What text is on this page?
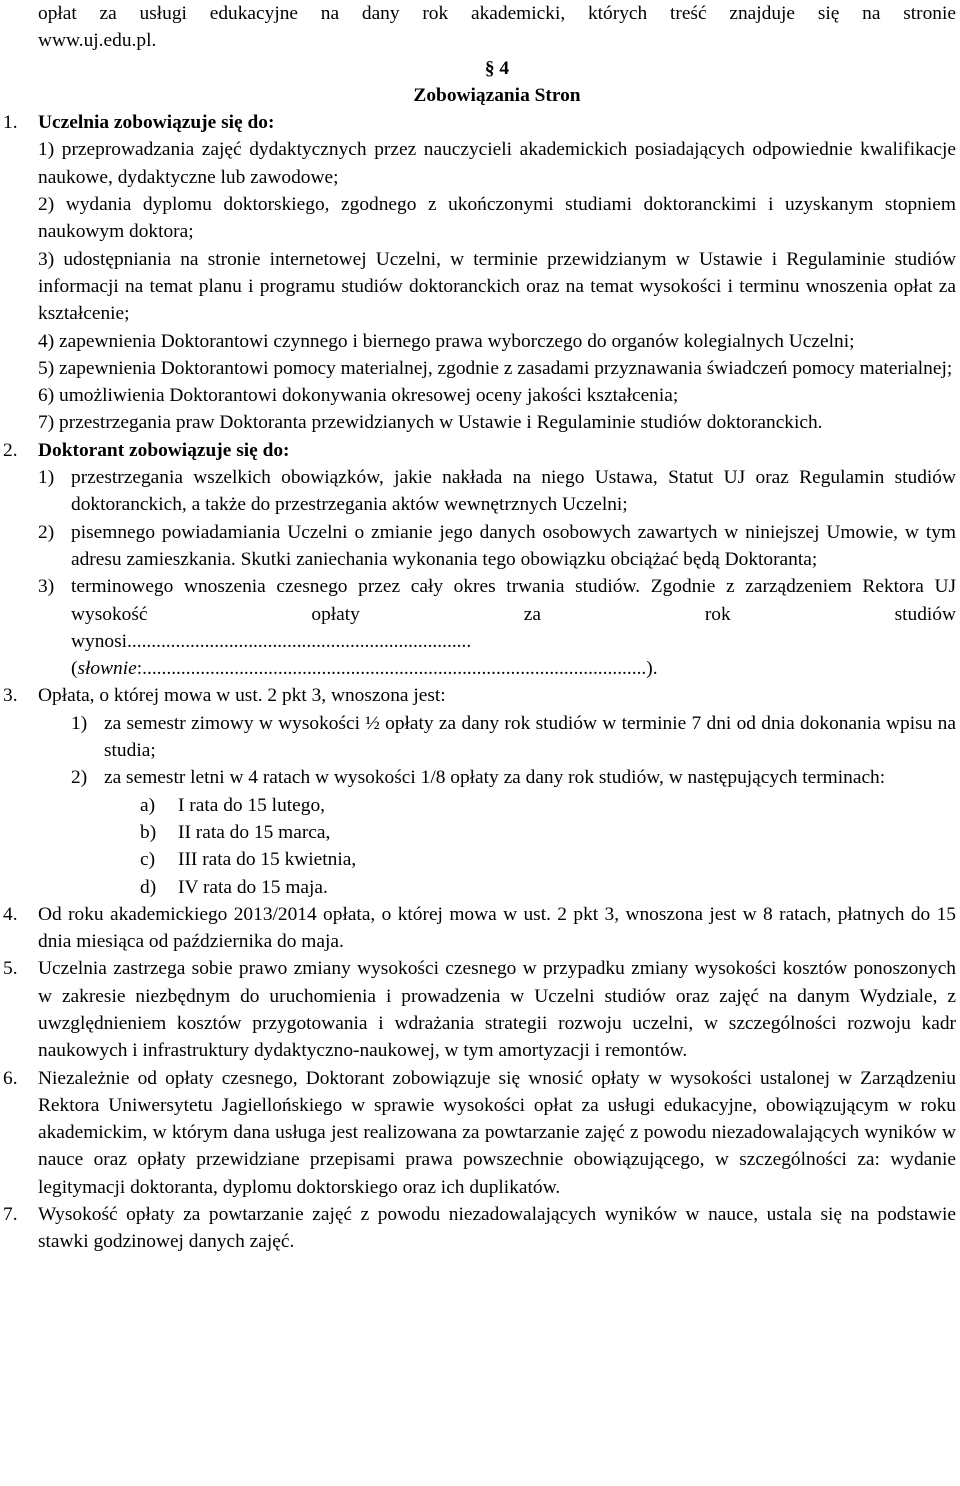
opłat za usługi edukacyjne na dany rok akademicki, których treść znajduje się na stronie

www.uj.edu.pl.

§ 4

Zobowiązania Stron

1. Uczelnia zobowiązuje się do:

1) przeprowadzania zajęć dydaktycznych przez nauczycieli akademickich posiadających odpowiednie kwalifikacje naukowe, dydaktyczne lub zawodowe;

2) wydania dyplomu doktorskiego, zgodnego z ukończonymi studiami doktoranckimi i uzyskanym stopniem naukowym doktora;

3) udostępniania na stronie internetowej Uczelni, w terminie przewidzianym w Ustawie i Regulaminie studiów informacji na temat planu i programu studiów doktoranckich oraz na temat wysokości i terminu wnoszenia opłat za kształcenie;

4) zapewnienia Doktorantowi czynnego i biernego prawa wyborczego do organów kolegialnych Uczelni;

5) zapewnienia Doktorantowi pomocy materialnej, zgodnie z zasadami przyznawania świadczeń pomocy materialnej;

6) umożliwienia Doktorantowi dokonywania okresowej oceny jakości kształcenia;

7) przestrzegania praw Doktoranta przewidzianych w Ustawie i Regulaminie studiów doktoranckich.

2. Doktorant zobowiązuje się do:

1) przestrzegania wszelkich obowiązków, jakie nakłada na niego Ustawa, Statut UJ oraz Regulamin studiów doktoranckich, a także do przestrzegania aktów wewnętrznych Uczelni;

2) pisemnego powiadamiania Uczelni o zmianie jego danych osobowych zawartych w niniejszej Umowie, w tym adresu zamieszkania. Skutki zaniechania wykonania tego obowiązku obciążać będą Doktoranta;

3) terminowego wnoszenia czesnego przez cały okres trwania studiów. Zgodnie z zarządzeniem Rektora UJ wysokość opłaty za rok studiów

wynosi.......................................................................

(słownie:........................................................................................................).

3. Opłata, o której mowa w ust. 2 pkt 3, wnoszona jest:

1) za semestr zimowy w wysokości ½ opłaty za dany rok studiów w terminie 7 dni od dnia dokonania wpisu na studia;

2) za semestr letni w 4 ratach w wysokości 1/8 opłaty za dany rok studiów, w następujących terminach:

a) I rata do 15 lutego,

b) II rata do 15 marca,

c) III rata do 15 kwietnia,

d) IV rata do 15 maja.

4. Od roku akademickiego 2013/2014 opłata, o której mowa w ust. 2 pkt 3, wnoszona jest w 8 ratach, płatnych do 15 dnia miesiąca od października do maja.

5. Uczelnia zastrzega sobie prawo zmiany wysokości czesnego w przypadku zmiany wysokości kosztów ponoszonych w zakresie niezbędnym do uruchomienia i prowadzenia w Uczelni studiów oraz zajęć na danym Wydziale, z uwzględnieniem kosztów przygotowania i wdrażania strategii rozwoju uczelni, w szczególności rozwoju kadr naukowych i infrastruktury dydaktyczno-naukowej, w tym amortyzacji i remontów.

6. Niezależnie od opłaty czesnego, Doktorant zobowiązuje się wnosić opłaty w wysokości ustalonej w Zarządzeniu Rektora Uniwersytetu Jagiellońskiego w sprawie wysokości opłat za usługi edukacyjne, obowiązującym w roku akademickim, w którym dana usługa jest realizowana za powtarzanie zajęć z powodu niezadowalających wyników w nauce oraz opłaty przewidziane przepisami prawa powszechnie obowiązującego, w szczególności za: wydanie legitymacji doktoranta, dyplomu doktorskiego oraz ich duplikatów.

7. Wysokość opłaty za powtarzanie zajęć z powodu niezadowalających wyników w nauce, ustala się na podstawie stawki godzinowej danych zajęć.
